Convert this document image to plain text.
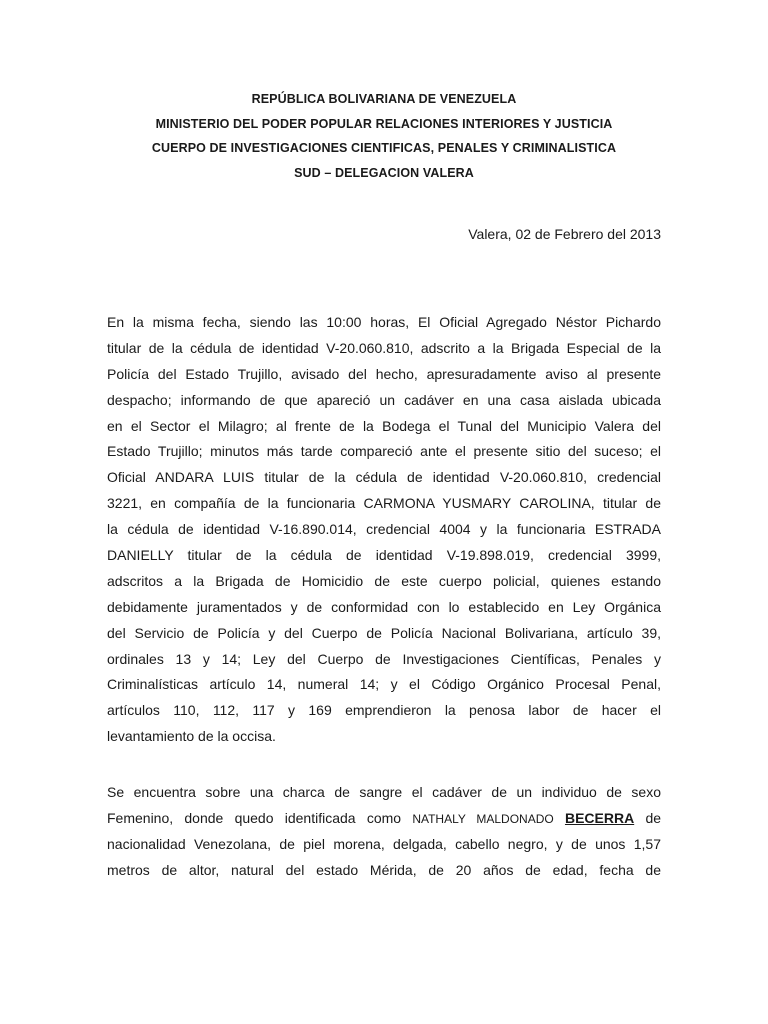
REPÚBLICA BOLIVARIANA DE VENEZUELA
MINISTERIO DEL PODER POPULAR RELACIONES INTERIORES Y JUSTICIA
CUERPO DE INVESTIGACIONES CIENTIFICAS, PENALES Y CRIMINALISTICA
SUD – DELEGACION VALERA
Valera, 02 de Febrero del 2013
En la misma fecha, siendo las 10:00 horas, El Oficial Agregado Néstor Pichardo
titular de la cédula de identidad V-20.060.810, adscrito a la Brigada Especial de la
Policía del Estado Trujillo, avisado del hecho, apresuradamente aviso al presente
despacho; informando de que apareció un cadáver en una casa aislada ubicada
en el Sector el Milagro; al frente de la Bodega el Tunal del Municipio Valera del
Estado Trujillo; minutos más tarde compareció ante el presente sitio del suceso; el
Oficial ANDARA LUIS titular de la cédula de identidad V-20.060.810, credencial
3221, en compañía de la funcionaria CARMONA YUSMARY CAROLINA, titular de
la cédula de identidad V-16.890.014, credencial 4004 y la funcionaria ESTRADA
DANIELLY titular de la cédula de identidad V-19.898.019, credencial 3999,
adscritos a la Brigada de Homicidio de este cuerpo policial, quienes estando
debidamente juramentados y de conformidad con lo establecido en Ley Orgánica
del Servicio de Policía y del Cuerpo de Policía Nacional Bolivariana, artículo 39,
ordinales 13 y 14; Ley del Cuerpo de Investigaciones Científicas, Penales y
Criminalísticas artículo 14, numeral 14; y el Código Orgánico Procesal Penal,
artículos 110, 112, 117 y 169 emprendieron la penosa labor de hacer el
levantamiento de la occisa.
Se encuentra sobre una charca de sangre el cadáver de un individuo de sexo
Femenino, donde quedo identificada como NATHALY MALDONADO BECERRA de
nacionalidad Venezolana, de piel morena, delgada, cabello negro, y de unos 1,57
metros de altor, natural del estado Mérida, de 20 años de edad, fecha de
